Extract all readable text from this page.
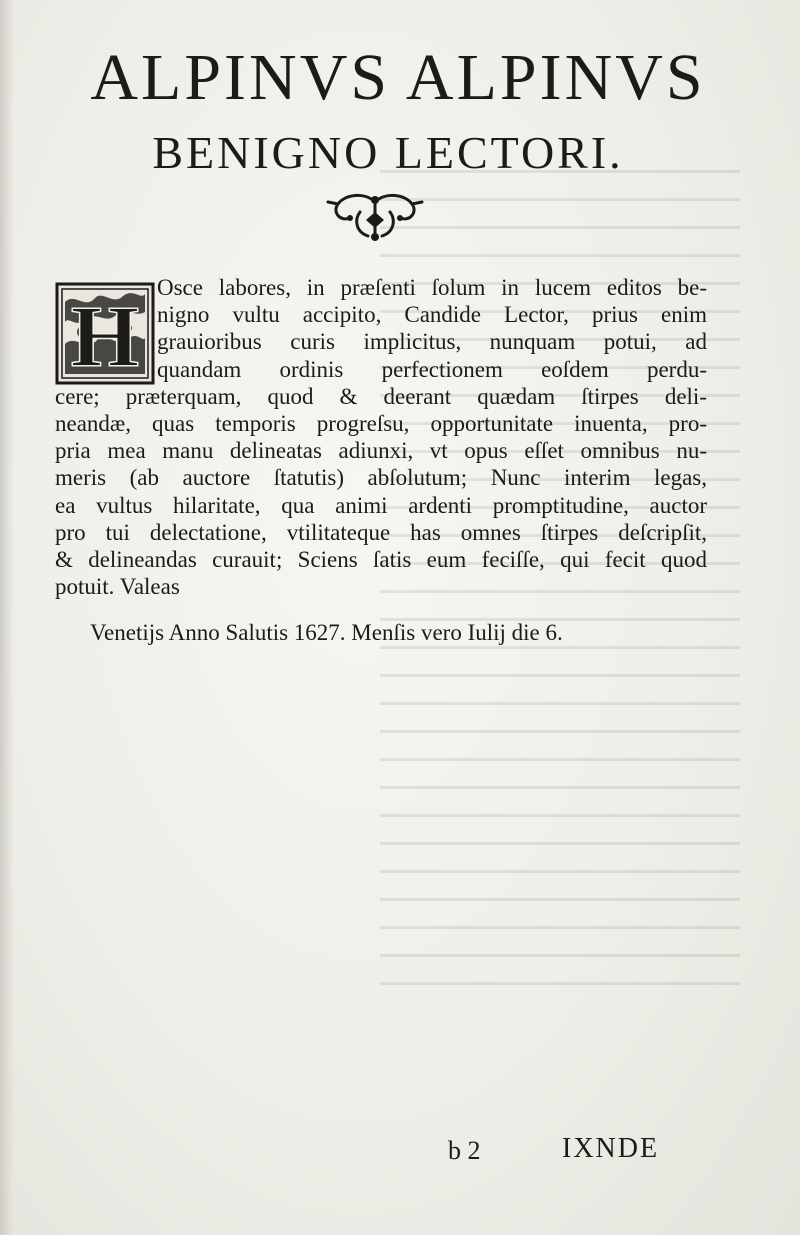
ALPINVS ALPINVS
BENIGNO LECTORI.
H
Osce labores, in præſenti ſolum in lucem editos be-
nigno vultu accipito, Candide Lector, prius enim
grauioribus curis implicitus, nunquam potui, ad
quandam ordinis perfectionem eoſdem perdu-
cere; præterquam, quod & deerant quædam ſtirpes deli-
neandæ, quas temporis progreſsu, opportunitate inuenta, pro-
pria mea manu delineatas adiunxi, vt opus eſſet omnibus nu-
meris (ab auctore ſtatutis) abſolutum; Nunc interim legas,
ea vultus hilaritate, qua animi ardenti promptitudine, auctor
pro tui delectatione, vtilitateque has omnes ſtirpes deſcripſit,
& delineandas curauit; Sciens ſatis eum feciſſe, qui fecit quod
potuit. Valeas
Venetijs Anno Salutis 1627. Menſis vero Iulij die 6.
b 2	IXNDE
